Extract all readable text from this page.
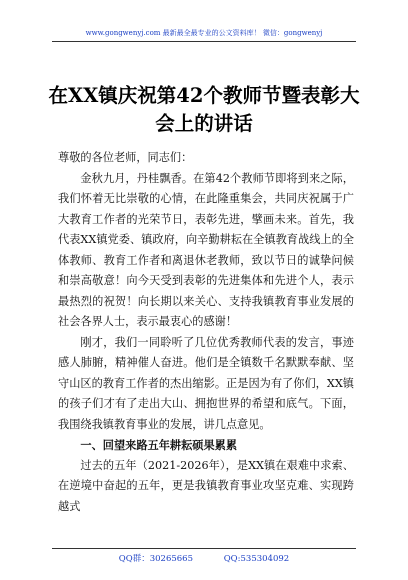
www.gongwenyj.com 最新最全最专业的公文资料库！ 微信：gongwenyj
在XX镇庆祝第42个教师节暨表彰大会上的讲话

尊敬的各位老师，同志们：

金秋九月，丹桂飘香。在第42个教师节即将到来之际，我们怀着无比崇敬的心情，在此隆重集会，共同庆祝属于广大教育工作者的光荣节日，表彰先进，擘画未来。首先，我代表XX镇党委、镇政府，向辛勤耕耘在全镇教育战线上的全体教师、教育工作者和离退休老教师，致以节日的诚挚问候和崇高敬意！向今天受到表彰的先进集体和先进个人，表示最热烈的祝贺！向长期以来关心、支持我镇教育事业发展的社会各界人士，表示最衷心的感谢！

刚才，我们一同聆听了几位优秀教师代表的发言，事迹感人肺腑，精神催人奋进。他们是全镇数千名默默奉献、坚守山区的教育工作者的杰出缩影。正是因为有了你们，XX镇的孩子们才有了走出大山、拥抱世界的希望和底气。下面，我围绕我镇教育事业的发展，讲几点意见。

一、回望来路五年耕耘硕果累累

过去的五年（2021-2026年），是XX镇在艰难中求索、在逆境中奋起的五年，更是我镇教育事业攻坚克难、实现跨越式

QQ群：30265665	QQ:535304092
